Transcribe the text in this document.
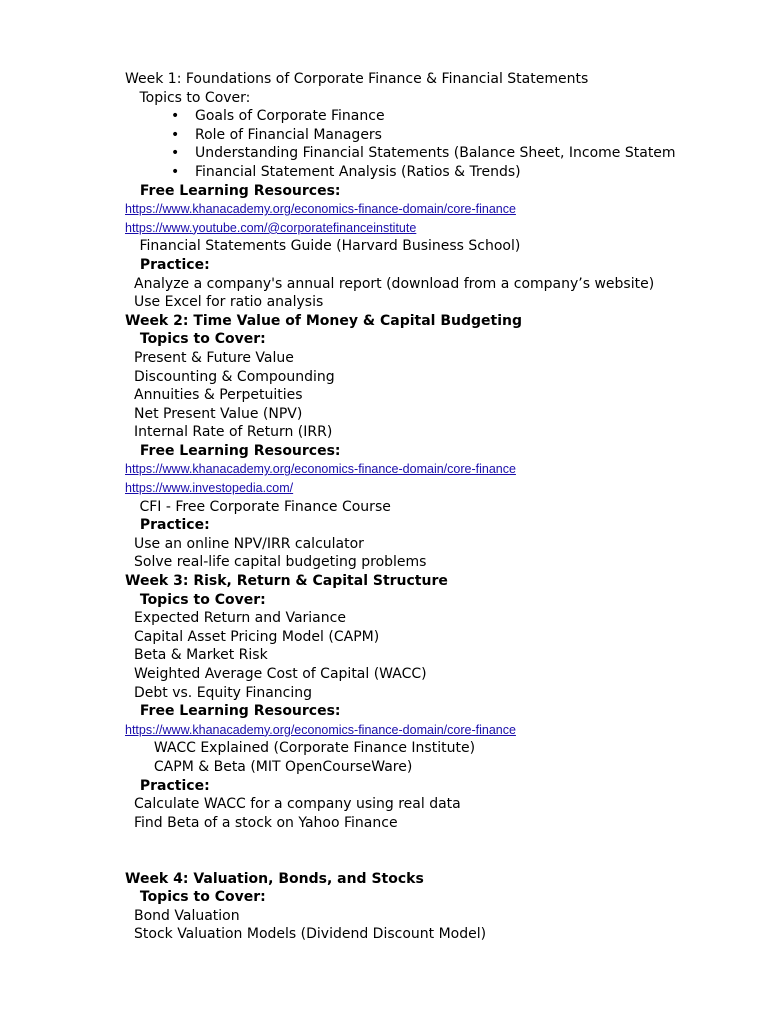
Week 1: Foundations of Corporate Finance & Financial Statements
Topics to Cover:
• Goals of Corporate Finance
• Role of Financial Managers
• Understanding Financial Statements (Balance Sheet, Income Statem
• Financial Statement Analysis (Ratios & Trends)
Free Learning Resources:
https://www.khanacademy.org/economics-finance-domain/core-finance
https://www.youtube.com/@corporatefinanceinstitute
Financial Statements Guide (Harvard Business School)
Practice:
Analyze a company's annual report (download from a company’s website)
Use Excel for ratio analysis
Week 2: Time Value of Money & Capital Budgeting
Topics to Cover:
Present & Future Value
Discounting & Compounding
Annuities & Perpetuities
Net Present Value (NPV)
Internal Rate of Return (IRR)
Free Learning Resources:
https://www.khanacademy.org/economics-finance-domain/core-finance
https://www.investopedia.com/
CFI - Free Corporate Finance Course
Practice:
Use an online NPV/IRR calculator
Solve real-life capital budgeting problems
Week 3: Risk, Return & Capital Structure
Topics to Cover:
Expected Return and Variance
Capital Asset Pricing Model (CAPM)
Beta & Market Risk
Weighted Average Cost of Capital (WACC)
Debt vs. Equity Financing
Free Learning Resources:
https://www.khanacademy.org/economics-finance-domain/core-finance
WACC Explained (Corporate Finance Institute)
CAPM & Beta (MIT OpenCourseWare)
Practice:
Calculate WACC for a company using real data
Find Beta of a stock on Yahoo Finance
Week 4: Valuation, Bonds, and Stocks
Topics to Cover:
Bond Valuation
Stock Valuation Models (Dividend Discount Model)
